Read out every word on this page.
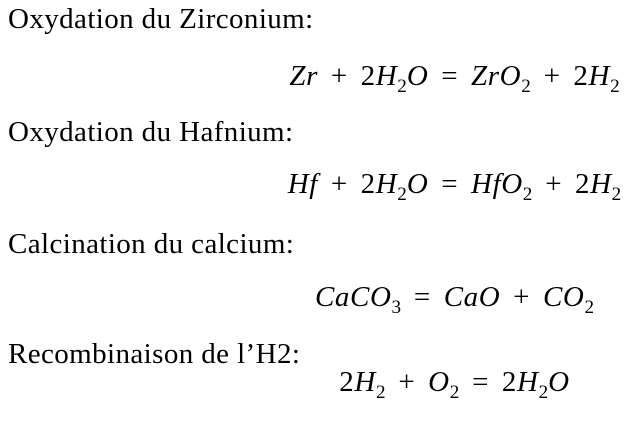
Oxydation du Zirconium:
$Zr + 2H_2O = ZrO_2 + 2H_2$
Oxydation du Hafnium:
$Hf + 2H_2O = HfO_2 + 2H_2$
Calcination du calcium:
CaCO$_3$ = CaO + $CO_2$
Recombinaison de l’H2:
$2H_2 + O_2 = 2H_2O$
